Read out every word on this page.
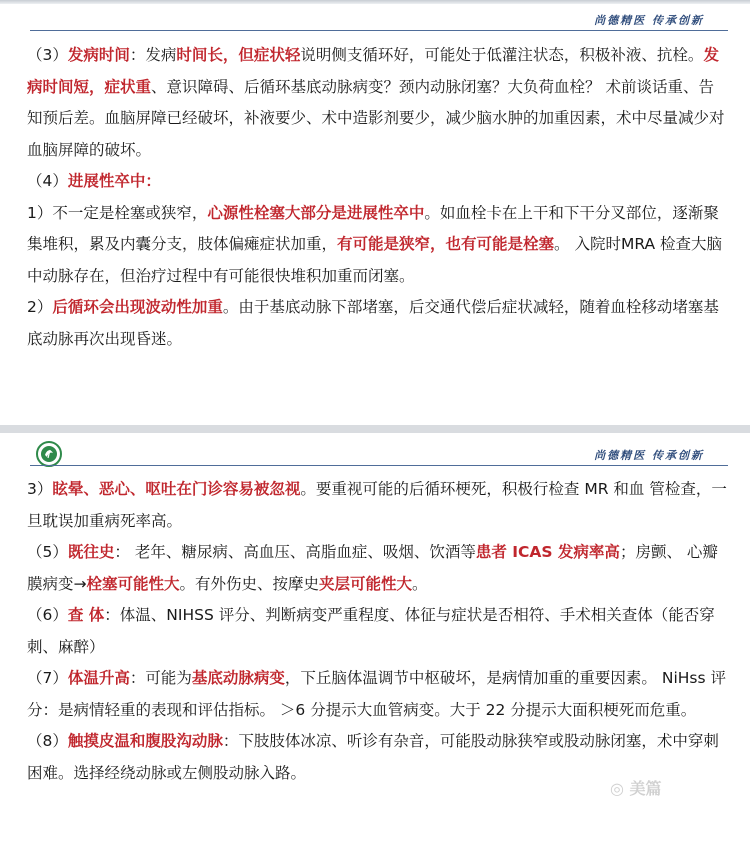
尚德精医 传承创新

（3）发病时间：发病时间长，但症状轻说明侧支循环好，可能处于低灌注状态，积极补液、抗栓。发病时间短，症状重、意识障碍、后循环基底动脉病变？颈内动脉闭塞？大负荷血栓？ 术前谈话重、告知预后差。血脑屏障已经破坏，补液要少、术中造影剂要少，减少脑水肿的加重因素，术中尽量减少对血脑屏障的破坏。

（4）进展性卒中：

1）不一定是栓塞或狭窄，心源性栓塞大部分是进展性卒中。如血栓卡在上干和下干分叉部位，逐渐聚集堆积，累及内囊分支，肢体偏瘫症状加重，有可能是狭窄，也有可能是栓塞。 入院时MRA 检查大脑中动脉存在，但治疗过程中有可能很快堆积加重而闭塞。

2）后循环会出现波动性加重。由于基底动脉下部堵塞，后交通代偿后症状减轻，随着血栓移动堵塞基底动脉再次出现昏迷。

尚德精医 传承创新

3）眩晕、恶心、呕吐在门诊容易被忽视。要重视可能的后循环梗死，积极行检查 MR 和血 管检查，一旦耽误加重病死率高。

（5）既往史： 老年、糖尿病、高血压、高脂血症、吸烟、饮酒等患者 ICAS 发病率高；房颤、 心瓣膜病变→栓塞可能性大。有外伤史、按摩史夹层可能性大。

（6）查 体：体温、NIHSS 评分、判断病变严重程度、体征与症状是否相符、手术相关查体（能否穿刺、麻醉）

（7）体温升高：可能为基底动脉病变，下丘脑体温调节中枢破坏，是病情加重的重要因素。 NiHss 评分：是病情轻重的表现和评估指标。 ＞6 分提示大血管病变。大于 22 分提示大面积梗死而危重。

（8）触摸皮温和腹股沟动脉：下肢肢体冰凉、听诊有杂音，可能股动脉狭窄或股动脉闭塞，术中穿刺困难。选择经绕动脉或左侧股动脉入路。

◎ 美篇
